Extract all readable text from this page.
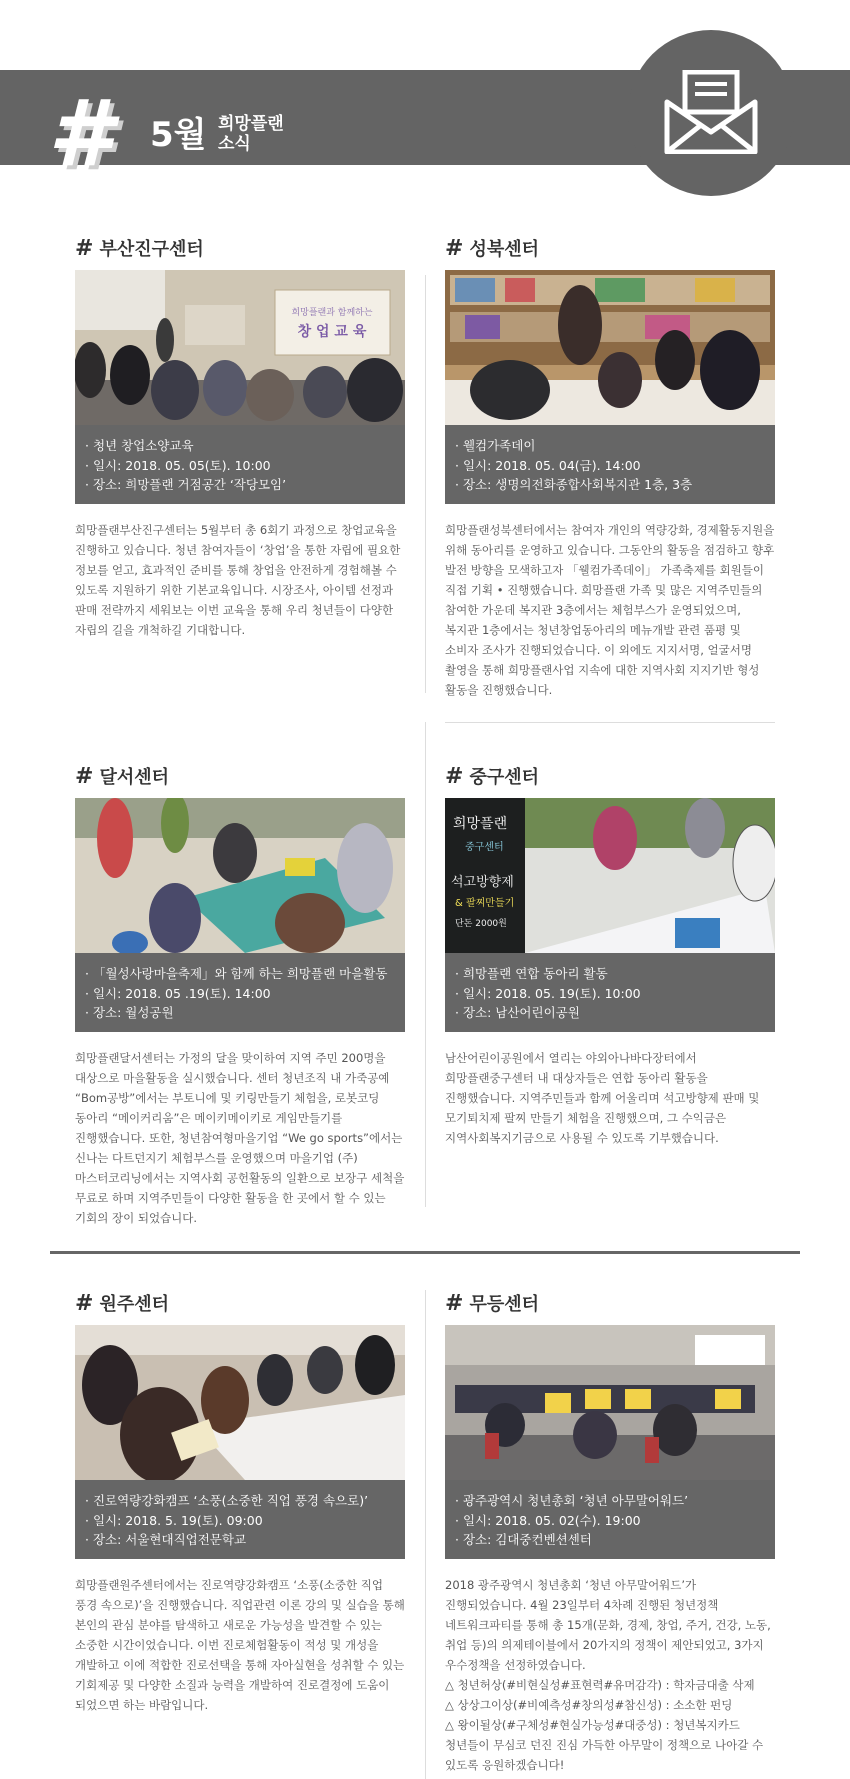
# 5월 희망플랜
소식
# 부산진구센터
희망플랜과 함께하는
창 업 교 육
· 청년 창업소양교육
· 일시: 2018. 05. 05(토). 10:00
· 장소: 희망플랜 거점공간 ‘작당모임’
희망플랜부산진구센터는 5월부터 총 6회기 과정으로 창업교육을 진행하고 있습니다. 청년 참여자들이 ‘창업’을 통한 자립에 필요한 정보를 얻고, 효과적인 준비를 통해 창업을 안전하게 경험해볼 수 있도록 지원하기 위한 기본교육입니다. 시장조사, 아이템 선정과 판매 전략까지 세워보는 이번 교육을 통해 우리 청년들이 다양한 자립의 길을 개척하길 기대합니다.
# 성북센터
· 웰컴가족데이
· 일시: 2018. 05. 04(금). 14:00
· 장소: 생명의전화종합사회복지관 1층, 3층
희망플랜성북센터에서는 참여자 개인의 역량강화, 경제활동지원을 위해 동아리를 운영하고 있습니다. 그동안의 활동을 점검하고 향후 발전 방향을 모색하고자 「웰컴가족데이」 가족축제를 회원들이 직접 기획 • 진행했습니다. 희망플랜 가족 및 많은 지역주민들의 참여한 가운데 복지관 3층에서는 체험부스가 운영되었으며, 복지관 1층에서는 청년창업동아리의 메뉴개발 관련 품평 및 소비자 조사가 진행되었습니다. 이 외에도 지지서명, 얼굴서명 촬영을 통해 희망플랜사업 지속에 대한 지역사회 지지기반 형성 활동을 진행했습니다.
# 달서센터
· 「월성사랑마을축제」와 함께 하는 희망플랜 마을활동
· 일시: 2018. 05 .19(토). 14:00
· 장소: 월성공원
희망플랜달서센터는 가정의 달을 맞이하여 지역 주민 200명을 대상으로 마을활동을 실시했습니다. 센터 청년조직 내 가죽공예 “Bom공방”에서는 부토니에 및 키링만들기 체험을, 로봇코딩 동아리 “메이커리움”은 메이키메이키로 게임만들기를 진행했습니다. 또한, 청년참여형마을기업 “We go sports”에서는 신나는 다트던지기 체험부스를 운영했으며 마을기업 (주)마스터코리닝에서는 지역사회 공헌활동의 일환으로 보장구 세척을 무료로 하며 지역주민들이 다양한 활동을 한 곳에서 할 수 있는 기회의 장이 되었습니다.
# 중구센터
희망플랜
중구센터
석고방향제
& 팔찌만들기
단돈 2000원
· 희망플랜 연합 동아리 활동
· 일시: 2018. 05. 19(토). 10:00
· 장소: 남산어린이공원
남산어린이공원에서 열리는 야외아나바다장터에서 희망플랜중구센터 내 대상자들은 연합 동아리 활동을 진행했습니다. 지역주민들과 함께 어울리며 석고방향제 판매 및 모기퇴치제 팔찌 만들기 체험을 진행했으며, 그 수익금은 지역사회복지기금으로 사용될 수 있도록 기부했습니다.
# 원주센터
· 진로역량강화캠프 ‘소풍(소중한 직업 풍경 속으로)’
· 일시: 2018. 5. 19(토). 09:00
· 장소: 서울현대직업전문학교
희망플랜원주센터에서는 진로역량강화캠프 ‘소풍(소중한 직업 풍경 속으로)’을 진행했습니다. 직업관련 이론 강의 및 실습을 통해 본인의 관심 분야를 탐색하고 새로운 가능성을 발견할 수 있는 소중한 시간이었습니다. 이번 진로체험활동이 적성 및 개성을 개발하고 이에 적합한 진로선택을 통해 자아실현을 성취할 수 있는 기회제공 및 다양한 소질과 능력을 개발하여 진로결정에 도움이 되었으면 하는 바람입니다.
# 무등센터
· 광주광역시 청년총회 ‘청년 아무말어워드’
· 일시: 2018. 05. 02(수). 19:00
· 장소: 김대중컨벤션센터
2018 광주광역시 청년총회 ‘청년 아무말어워드’가 진행되었습니다. 4월 23일부터 4차례 진행된 청년정책 네트워크파티를 통해 총 15개(문화, 경제, 창업, 주거, 건강, 노동, 취업 등)의 의제테이블에서 20가지의 정책이 제안되었고, 3가지 우수정책을 선정하였습니다.
△ 청년허상(#비현실성#표현력#유머감각) : 학자금대출 삭제
△ 상상그이상(#비예측성#창의성#참신성) : 소소한 펀딩
△ 왕이될상(#구체성#현실가능성#대중성) : 청년복지카드
청년들이 무심코 던진 진심 가득한 아무말이 정책으로 나아갈 수 있도록 응원하겠습니다!
